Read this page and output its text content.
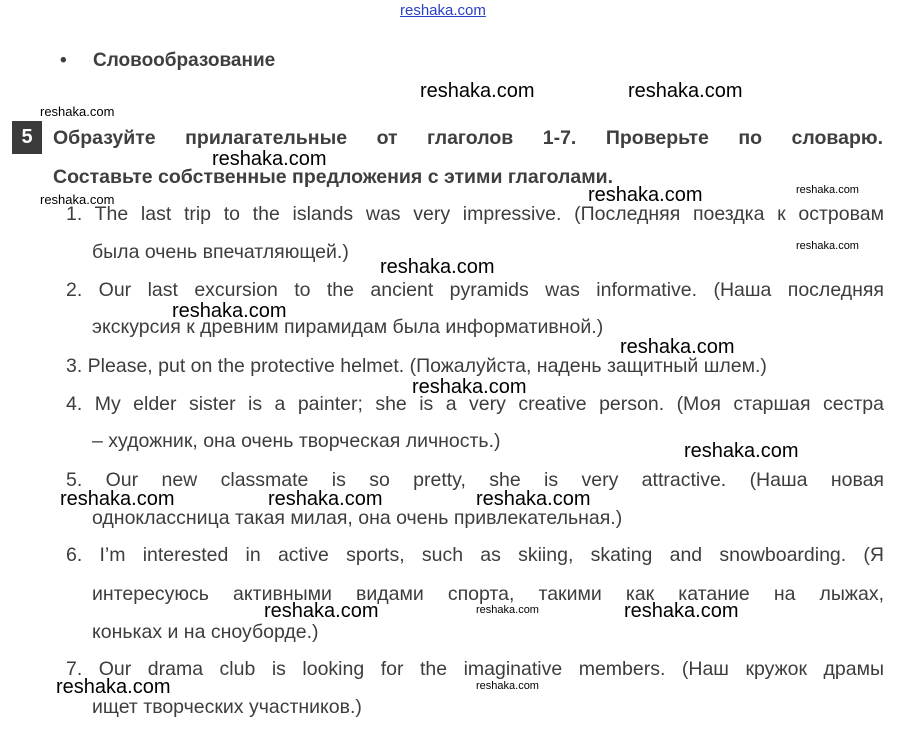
reshaka.com
• Словообразование
5	Образуйте прилагательные от глаголов 1-7. Проверьте по словарю.
Составьте собственные предложения с этими глаголами.
1. The last trip to the islands was very impressive. (Последняя поездка к островам
была очень впечатляющей.)
2. Our last excursion to the ancient pyramids was informative. (Наша последняя
экскурсия к древним пирамидам была информативной.)
3. Please, put on the protective helmet. (Пожалуйста, надень защитный шлем.)
4. My elder sister is a painter; she is a very creative person. (Моя старшая сестра
– художник, она очень творческая личность.)
5. Our new classmate is so pretty, she is very attractive. (Наша новая
одноклассница такая милая, она очень привлекательная.)
6. I’m interested in active sports, such as skiing, skating and snowboarding. (Я
интересуюсь активными видами спорта, такими как катание на лыжах,
коньках и на сноуборде.)
7. Our drama club is looking for the imaginative members. (Наш кружок драмы
ищет творческих участников.)
reshaka.com	reshaka.com
reshaka.com
reshaka.com
reshaka.com	reshaka.com	reshaka.com
reshaka.com
reshaka.com
reshaka.com
reshaka.com
reshaka.com
reshaka.com
reshaka.com	reshaka.com	reshaka.com
reshaka.com	reshaka.com	reshaka.com
reshaka.com	reshaka.com
